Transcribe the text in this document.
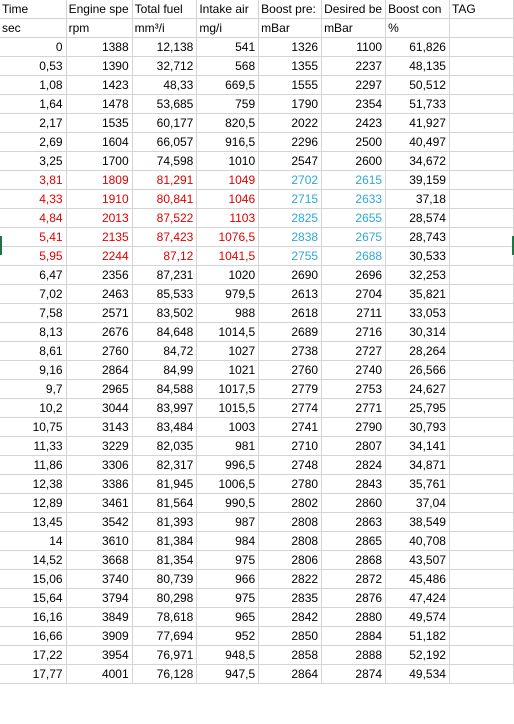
Time	Engine spe	Total fuel	Intake air	Boost pre:	Desired bе	Boost con	TAG
sec	rpm	mm³/i	mg/i	mBar	mBar	%	
0	1388	12,138	541	1326	1100	61,826	
0,53	1390	32,712	568	1355	2237	48,135	
1,08	1423	48,33	669,5	1555	2297	50,512	
1,64	1478	53,685	759	1790	2354	51,733	
2,17	1535	60,177	820,5	2022	2423	41,927	
2,69	1604	66,057	916,5	2296	2500	40,497	
3,25	1700	74,598	1010	2547	2600	34,672	
3,81	1809	81,291	1049	2702	2615	39,159	
4,33	1910	80,841	1046	2715	2633	37,18	
4,84	2013	87,522	1103	2825	2655	28,574	
5,41	2135	87,423	1076,5	2838	2675	28,743	
5,95	2244	87,12	1041,5	2755	2688	30,533	
6,47	2356	87,231	1020	2690	2696	32,253	
7,02	2463	85,533	979,5	2613	2704	35,821	
7,58	2571	83,502	988	2618	2711	33,053	
8,13	2676	84,648	1014,5	2689	2716	30,314	
8,61	2760	84,72	1027	2738	2727	28,264	
9,16	2864	84,99	1021	2760	2740	26,566	
9,7	2965	84,588	1017,5	2779	2753	24,627	
10,2	3044	83,997	1015,5	2774	2771	25,795	
10,75	3143	83,484	1003	2741	2790	30,793	
11,33	3229	82,035	981	2710	2807	34,141	
11,86	3306	82,317	996,5	2748	2824	34,871	
12,38	3386	81,945	1006,5	2780	2843	35,761	
12,89	3461	81,564	990,5	2802	2860	37,04	
13,45	3542	81,393	987	2808	2863	38,549	
14	3610	81,384	984	2808	2865	40,708	
14,52	3668	81,354	975	2806	2868	43,507	
15,06	3740	80,739	966	2822	2872	45,486	
15,64	3794	80,298	975	2835	2876	47,424	
16,16	3849	78,618	965	2842	2880	49,574	
16,66	3909	77,694	952	2850	2884	51,182	
17,22	3954	76,971	948,5	2858	2888	52,192	
17,77	4001	76,128	947,5	2864	2874	49,534	
